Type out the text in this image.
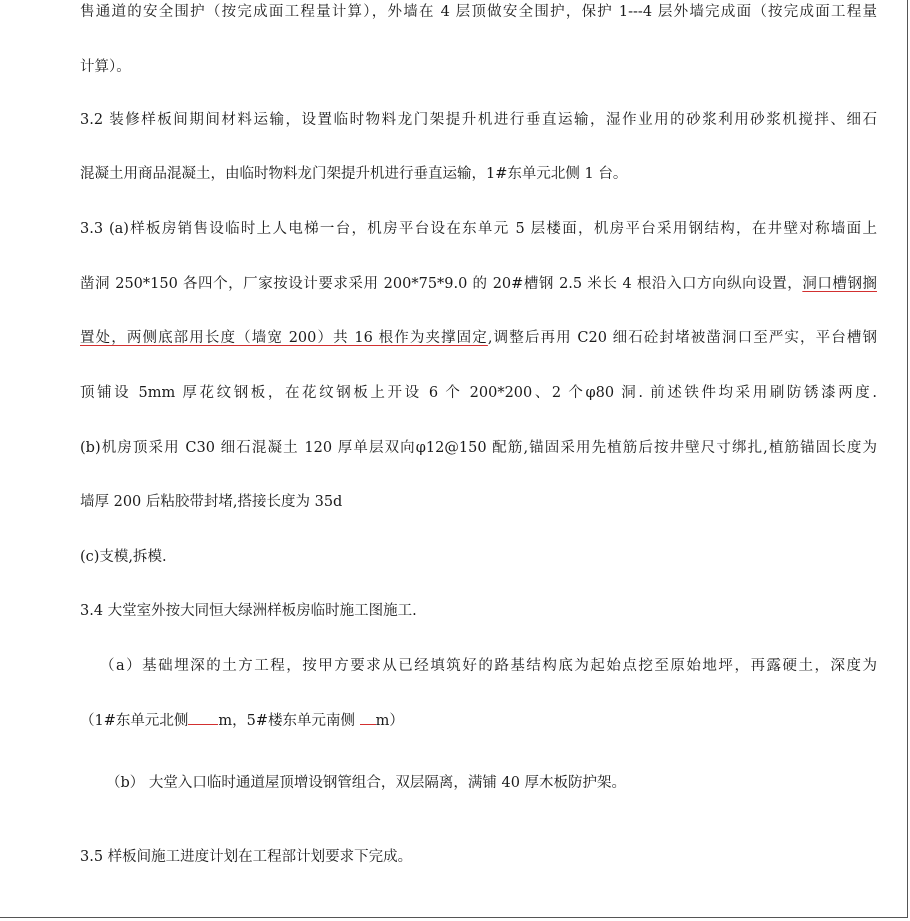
售通道的安全围护（按完成面工程量计算），外墙在 4 层顶做安全围护，保护 1---4 层外墙完成面（按完成面工程量
计算）。
3.2 装修样板间期间材料运输，设置临时物料龙门架提升机进行垂直运输，湿作业用的砂浆利用砂浆机搅拌、细石
混凝土用商品混凝土，由临时物料龙门架提升机进行垂直运输，1#东单元北侧 1 台。
3.3 (a)样板房销售设临时上人电梯一台，机房平台设在东单元 5 层楼面，机房平台采用钢结构，在井壁对称墙面上
凿洞 250*150 各四个，厂家按设计要求采用 200*75*9.0 的 20#槽钢 2.5 米长 4 根沿入口方向纵向设置，洞口槽钢搁
置处，两侧底部用长度（墙宽 200）共 16 根作为夹撑固定,调整后再用 C20 细石砼封堵被凿洞口至严实，平台槽钢
顶铺设 5mm 厚花纹钢板，在花纹钢板上开设 6 个 200*200、2 个φ80 洞. 前述铁件均采用刷防锈漆两度.
(b)机房顶采用 C30 细石混凝土 120 厚单层双向φ12@150 配筋,锚固采用先植筋后按井壁尺寸绑扎,植筋锚固长度为
墙厚 200 后粘胶带封堵,搭接长度为 35d
(c)支模,拆模.
3.4 大堂室外按大同恒大绿洲样板房临时施工图施工.
（a）基础埋深的土方工程，按甲方要求从已经填筑好的路基结构底为起始点挖至原始地坪，再露硬土，深度为
（1#东单元北侧 m，5#楼东单元南侧 m）
（b） 大堂入口临时通道屋顶增设钢管组合，双层隔离，满铺 40 厚木板防护架。
3.5 样板间施工进度计划在工程部计划要求下完成。
